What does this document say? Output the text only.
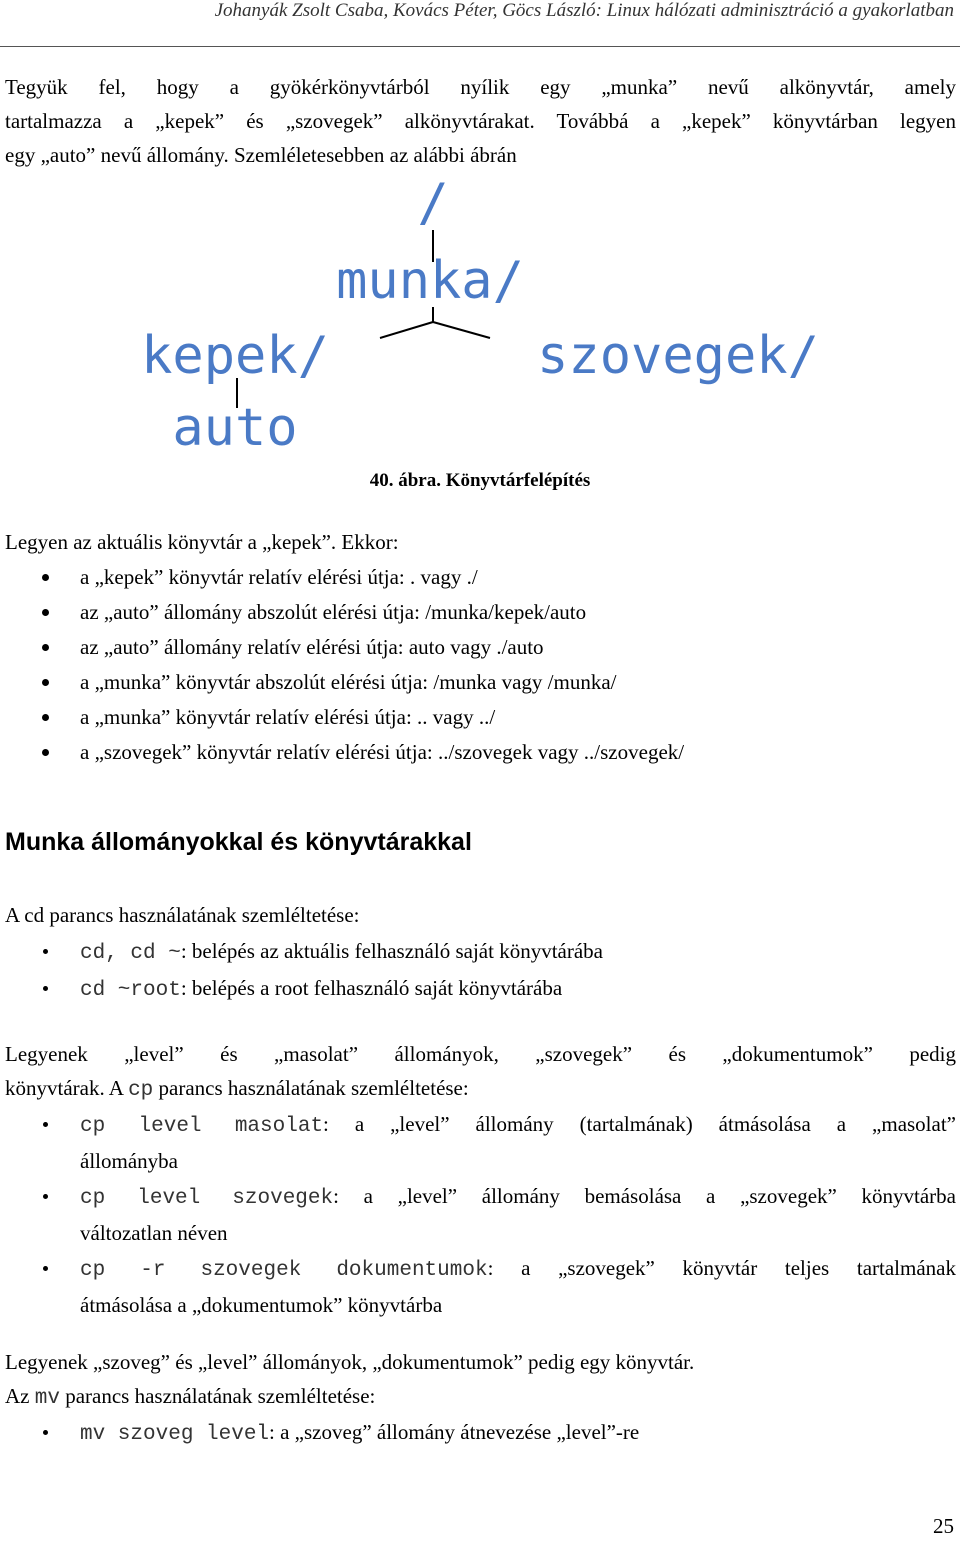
Johanyák Zsolt Csaba, Kovács Péter, Göcs László: Linux hálózati adminisztráció a gyakorlatban
Tegyük fel, hogy a gyökérkönyvtárból nyílik egy „munka” nevű alkönyvtár, amely
tartalmazza a „kepek” és „szovegek” alkönyvtárakat. Továbbá a „kepek” könyvtárban legyen
egy „auto” nevű állomány. Szemléletesebben az alábbi ábrán
/
munka/
kepek/	szovegek/
auto
40. ábra. Könyvtárfelépítés
Legyen az aktuális könyvtár a „kepek”. Ekkor:
a „kepek” könyvtár relatív elérési útja: . vagy ./
az „auto” állomány abszolút elérési útja: /munka/kepek/auto
az „auto” állomány relatív elérési útja: auto vagy ./auto
a „munka” könyvtár abszolút elérési útja: /munka vagy /munka/
a „munka” könyvtár relatív elérési útja: .. vagy ../
a „szovegek” könyvtár relatív elérési útja: ../szovegek vagy ../szovegek/
Munka állományokkal és könyvtárakkal
A cd parancs használatának szemléltetése:
cd, cd ~: belépés az aktuális felhasználó saját könyvtárába
cd ~root: belépés a root felhasználó saját könyvtárába
Legyenek „level” és „masolat” állományok, „szovegek” és „dokumentumok” pedig
könyvtárak. A cp parancs használatának szemléltetése:
cp level masolat: a „level” állomány (tartalmának) átmásolása a „masolat”
állományba
cp level szovegek: a „level” állomány bemásolása a „szovegek” könyvtárba
változatlan néven
cp -r szovegek dokumentumok: a „szovegek” könyvtár teljes tartalmának
átmásolása a „dokumentumok” könyvtárba
Legyenek „szoveg” és „level” állományok, „dokumentumok” pedig egy könyvtár.
Az mv parancs használatának szemléltetése:
mv szoveg level: a „szoveg” állomány átnevezése „level”-re
25
